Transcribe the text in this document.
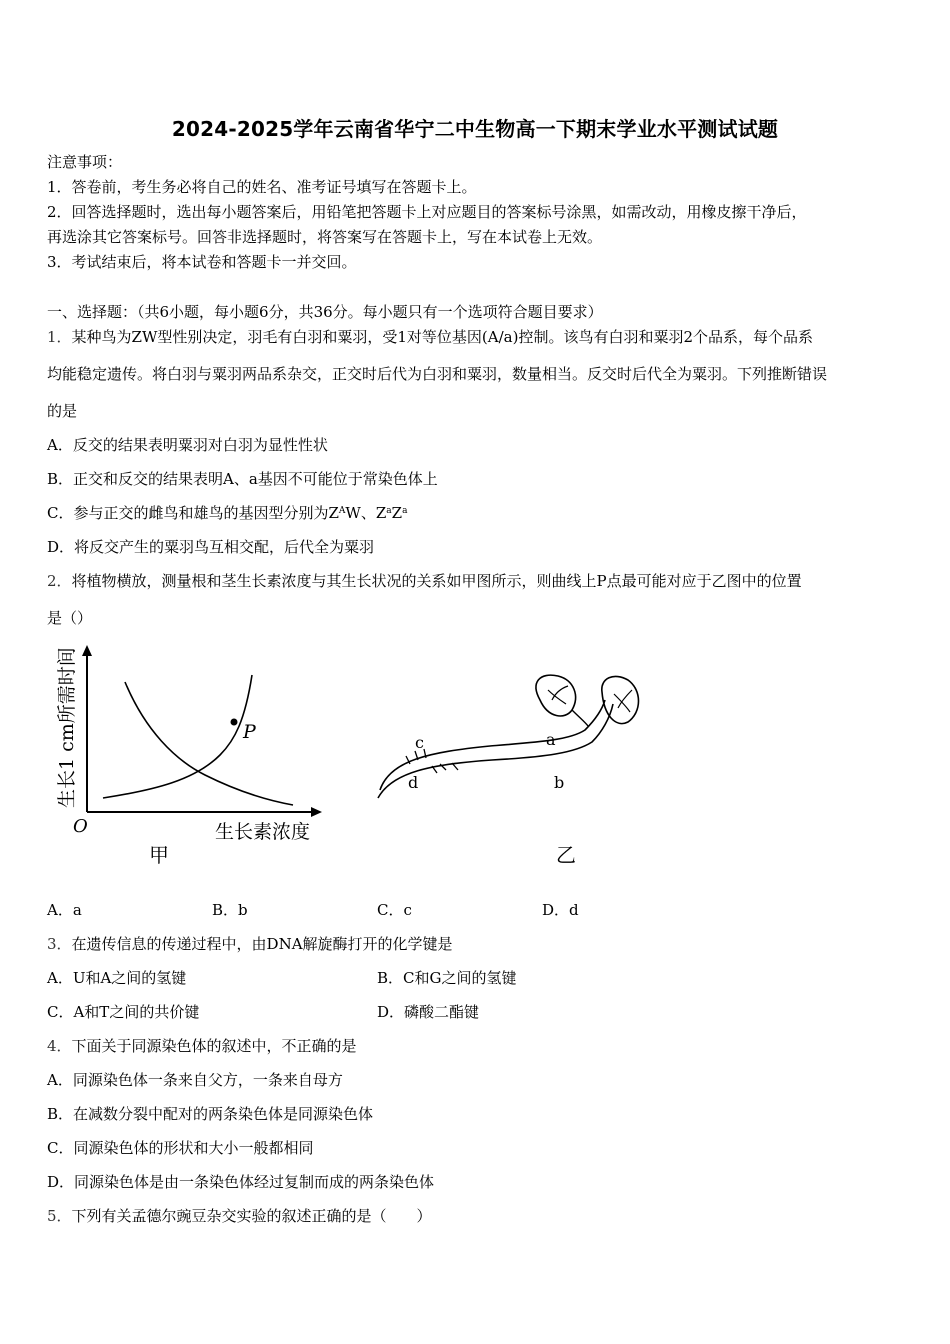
2024-2025学年云南省华宁二中生物高一下期末学业水平测试试题
注意事项：
1．答卷前，考生务必将自己的姓名、准考证号填写在答题卡上。
2．回答选择题时，选出每小题答案后，用铅笔把答题卡上对应题目的答案标号涂黑，如需改动，用橡皮擦干净后，
再选涂其它答案标号。回答非选择题时，将答案写在答题卡上，写在本试卷上无效。
3．考试结束后，将本试卷和答题卡一并交回。
一、选择题：（共6小题，每小题6分，共36分。每小题只有一个选项符合题目要求）
1．某种鸟为ZW型性别决定，羽毛有白羽和粟羽，受1对等位基因(A/a)控制。该鸟有白羽和粟羽2个品系，每个品系
均能稳定遗传。将白羽与粟羽两品系杂交，正交时后代为白羽和粟羽，数量相当。反交时后代全为粟羽。下列推断错误
的是
A．反交的结果表明粟羽对白羽为显性性状
B．正交和反交的结果表明A、a基因不可能位于常染色体上
C．参与正交的雌鸟和雄鸟的基因型分别为$Z^AW$、$Z^aZ^a$
D．将反交产生的粟羽鸟互相交配，后代全为粟羽
2．将植物横放，测量根和茎生长素浓度与其生长状况的关系如甲图所示，则曲线上P点最可能对应于乙图中的位置
是（）
P
O	生长素浓度
生长1 cm所需时间
甲
a
b
c
d
乙
A．a	B．b	C．c	D．d
3．在遗传信息的传递过程中，由DNA解旋酶打开的化学键是
A．U和A之间的氢键	B．C和G之间的氢键
C．A和T之间的共价键	D．磷酸二酯键
4．下面关于同源染色体的叙述中，不正确的是
A．同源染色体一条来自父方，一条来自母方
B．在减数分裂中配对的两条染色体是同源染色体
C．同源染色体的形状和大小一般都相同
D．同源染色体是由一条染色体经过复制而成的两条染色体
5．下列有关孟德尔豌豆杂交实验的叙述正确的是（　　）
